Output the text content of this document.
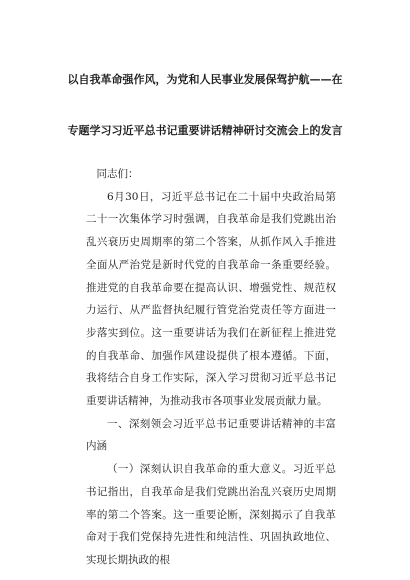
以自我革命强作风，为党和人民事业发展保驾护航——在
专题学习习近平总书记重要讲话精神研讨交流会上的发言

同志们：

6月30日，习近平总书记在二十届中央政治局第二十一次集体学习时强调，自我革命是我们党跳出治乱兴衰历史周期率的第二个答案，从抓作风入手推进全面从严治党是新时代党的自我革命一条重要经验。推进党的自我革命要在提高认识、增强党性、规范权力运行、从严监督执纪履行管党治党责任等方面进一步落实到位。这一重要讲话为我们在新征程上推进党的自我革命、加强作风建设提供了根本遵循。下面，我将结合自身工作实际，深入学习贯彻习近平总书记重要讲话精神，为推动我市各项事业发展贡献力量。

一、深刻领会习近平总书记重要讲话精神的丰富内涵

（一）深刻认识自我革命的重大意义。习近平总书记指出，自我革命是我们党跳出治乱兴衰历史周期率的第二个答案。这一重要论断，深刻揭示了自我革命对于我们党保持先进性和纯洁性、巩固执政地位、实现长期执政的根
